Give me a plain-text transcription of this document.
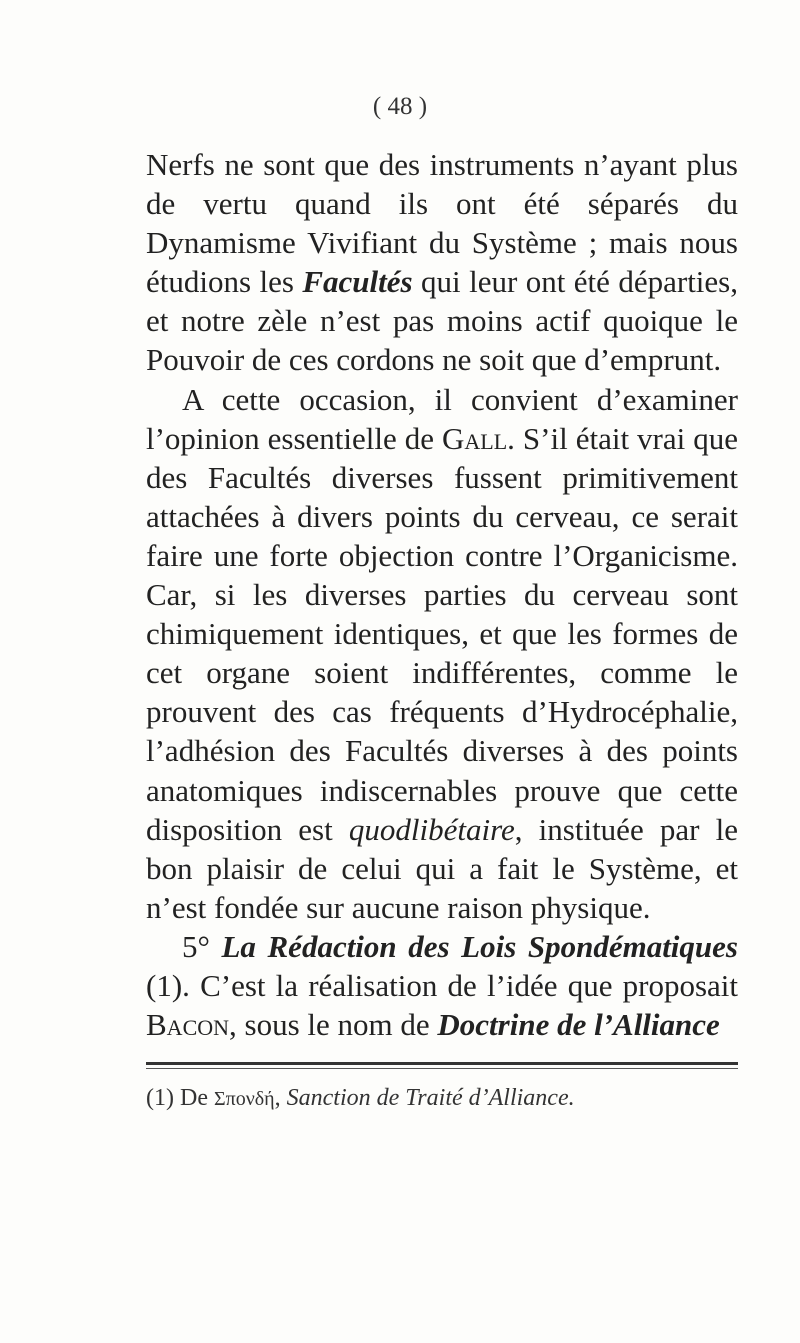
( 48 )

Nerfs ne sont que des instruments n’ayant plus de vertu quand ils ont été séparés du Dynamisme Vivifiant du Système ; mais nous étudions les Facultés qui leur ont été départies, et notre zèle n’est pas moins actif quoique le Pouvoir de ces cordons ne soit que d’emprunt.

A cette occasion, il convient d’examiner l’opinion essentielle de Gall. S’il était vrai que des Facultés diverses fussent primitivement attachées à divers points du cerveau, ce serait faire une forte objection contre l’Organicisme. Car, si les diverses parties du cerveau sont chimiquement identiques, et que les formes de cet organe soient indifférentes, comme le prouvent des cas fréquents d’Hydrocéphalie, l’adhésion des Facultés diverses à des points anatomiques indiscernables prouve que cette disposition est quodlibétaire, instituée par le bon plaisir de celui qui a fait le Système, et n’est fondée sur aucune raison physique.

5° La Rédaction des Lois Spondématiques (1). C’est la réalisation de l’idée que proposait Bacon, sous le nom de Doctrine de l’Alliance

(1) De Σπονδή, Sanction de Traité d’Alliance.
